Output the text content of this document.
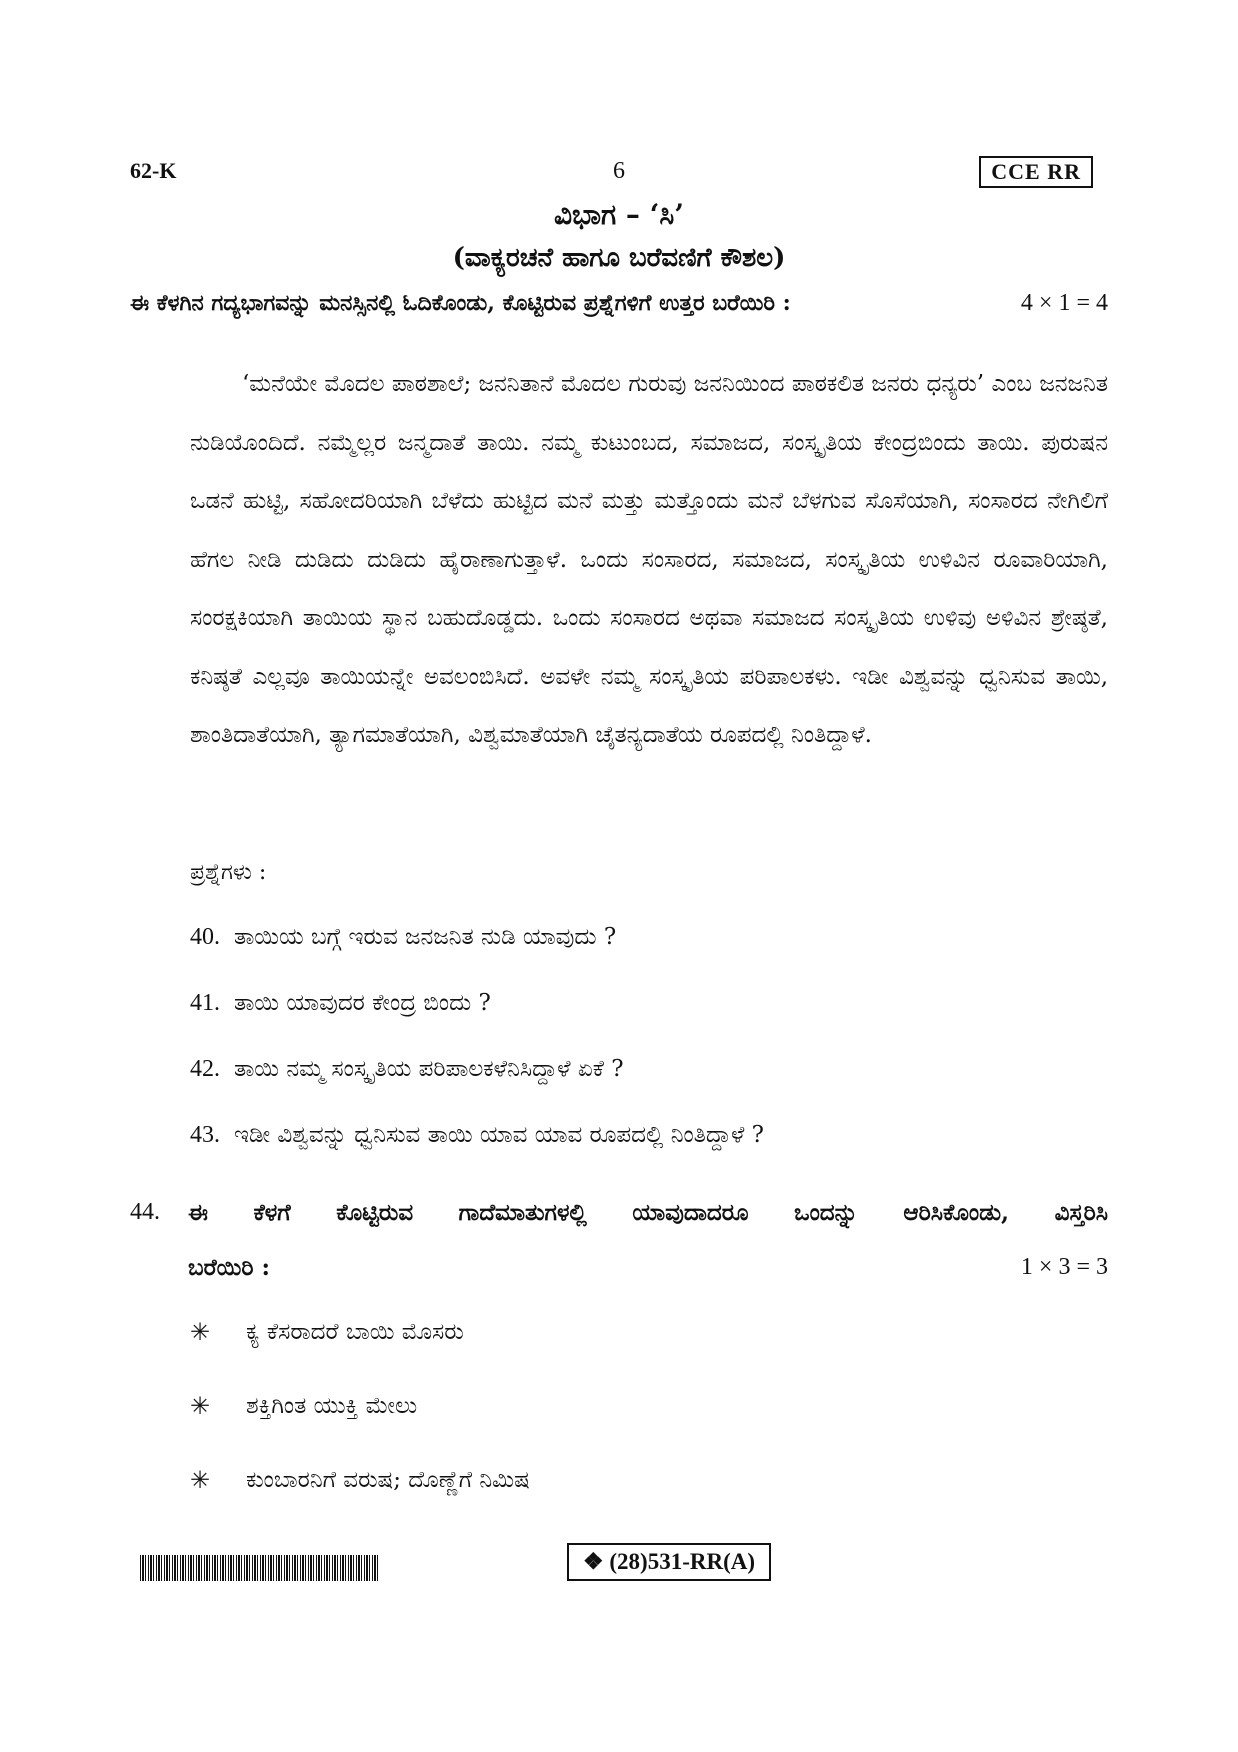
62-K	6	CCE RR
ವಿಭಾಗ – ‘ಸಿ’
(ವಾಕ್ಯರಚನೆ ಹಾಗೂ ಬರೆವಣಿಗೆ ಕೌಶಲ)
ಈ ಕೆಳಗಿನ ಗದ್ಯಭಾಗವನ್ನು ಮನಸ್ಸಿನಲ್ಲಿ ಓದಿಕೊಂಡು, ಕೊಟ್ಟಿರುವ ಪ್ರಶ್ನೆಗಳಿಗೆ ಉತ್ತರ ಬರೆಯಿರಿ :	4 × 1 = 4
‘ಮನೆಯೇ ಮೊದಲ ಪಾಠಶಾಲೆ; ಜನನಿತಾನೆ ಮೊದಲ ಗುರುವು ಜನನಿಯಿಂದ ಪಾಠಕಲಿತ ಜನರು ಧನ್ಯರು’ ಎಂಬ ಜನಜನಿತ ನುಡಿಯೊಂದಿದೆ. ನಮ್ಮೆಲ್ಲರ ಜನ್ಮದಾತೆ ತಾಯಿ. ನಮ್ಮ ಕುಟುಂಬದ, ಸಮಾಜದ, ಸಂಸ್ಕೃತಿಯ ಕೇಂದ್ರಬಿಂದು ತಾಯಿ. ಪುರುಷನ ಒಡನೆ ಹುಟ್ಟಿ, ಸಹೋದರಿಯಾಗಿ ಬೆಳೆದು ಹುಟ್ಟಿದ ಮನೆ ಮತ್ತು ಮತ್ತೊಂದು ಮನೆ ಬೆಳಗುವ ಸೊಸೆಯಾಗಿ, ಸಂಸಾರದ ನೇಗಿಲಿಗೆ ಹೆಗಲ ನೀಡಿ ದುಡಿದು ದುಡಿದು ಹೈರಾಣಾಗುತ್ತಾಳೆ. ಒಂದು ಸಂಸಾರದ, ಸಮಾಜದ, ಸಂಸ್ಕೃತಿಯ ಉಳಿವಿನ ರೂವಾರಿಯಾಗಿ, ಸಂರಕ್ಷಕಿಯಾಗಿ ತಾಯಿಯ ಸ್ಥಾನ ಬಹುದೊಡ್ಡದು. ಒಂದು ಸಂಸಾರದ ಅಥವಾ ಸಮಾಜದ ಸಂಸ್ಕೃತಿಯ ಉಳಿವು ಅಳಿವಿನ ಶ್ರೇಷ್ಠತೆ, ಕನಿಷ್ಠತೆ ಎಲ್ಲವೂ ತಾಯಿಯನ್ನೇ ಅವಲಂಬಿಸಿದೆ. ಅವಳೇ ನಮ್ಮ ಸಂಸ್ಕೃತಿಯ ಪರಿಪಾಲಕಳು. ಇಡೀ ವಿಶ್ವವನ್ನು ಧ್ವನಿಸುವ ತಾಯಿ, ಶಾಂತಿದಾತೆಯಾಗಿ, ತ್ಯಾಗಮಾತೆಯಾಗಿ, ವಿಶ್ವಮಾತೆಯಾಗಿ ಚೈತನ್ಯದಾತೆಯ ರೂಪದಲ್ಲಿ ನಿಂತಿದ್ದಾಳೆ.
ಪ್ರಶ್ನೆಗಳು :
40. ತಾಯಿಯ ಬಗ್ಗೆ ಇರುವ ಜನಜನಿತ ನುಡಿ ಯಾವುದು ?
41. ತಾಯಿ ಯಾವುದರ ಕೇಂದ್ರ ಬಿಂದು ?
42. ತಾಯಿ ನಮ್ಮ ಸಂಸ್ಕೃತಿಯ ಪರಿಪಾಲಕಳೆನಿಸಿದ್ದಾಳೆ ಏಕೆ ?
43. ಇಡೀ ವಿಶ್ವವನ್ನು ಧ್ವನಿಸುವ ತಾಯಿ ಯಾವ ಯಾವ ರೂಪದಲ್ಲಿ ನಿಂತಿದ್ದಾಳೆ ?
44. ಈ ಕೆಳಗೆ ಕೊಟ್ಟಿರುವ ಗಾದೆಮಾತುಗಳಲ್ಲಿ ಯಾವುದಾದರೂ ಒಂದನ್ನು ಆರಿಸಿಕೊಂಡು, ವಿಸ್ತರಿಸಿ
ಬರೆಯಿರಿ :	1 × 3 = 3
✳	ಕ್ಯ ಕೆಸರಾದರೆ ಬಾಯಿ ಮೊಸರು
✳	ಶಕ್ತಿಗಿಂತ ಯುಕ್ತಿ ಮೇಲು
✳	ಕುಂಬಾರನಿಗೆ ವರುಷ; ದೊಣ್ಣೆಗೆ ನಿಮಿಷ
❖ (28)531-RR(A)
